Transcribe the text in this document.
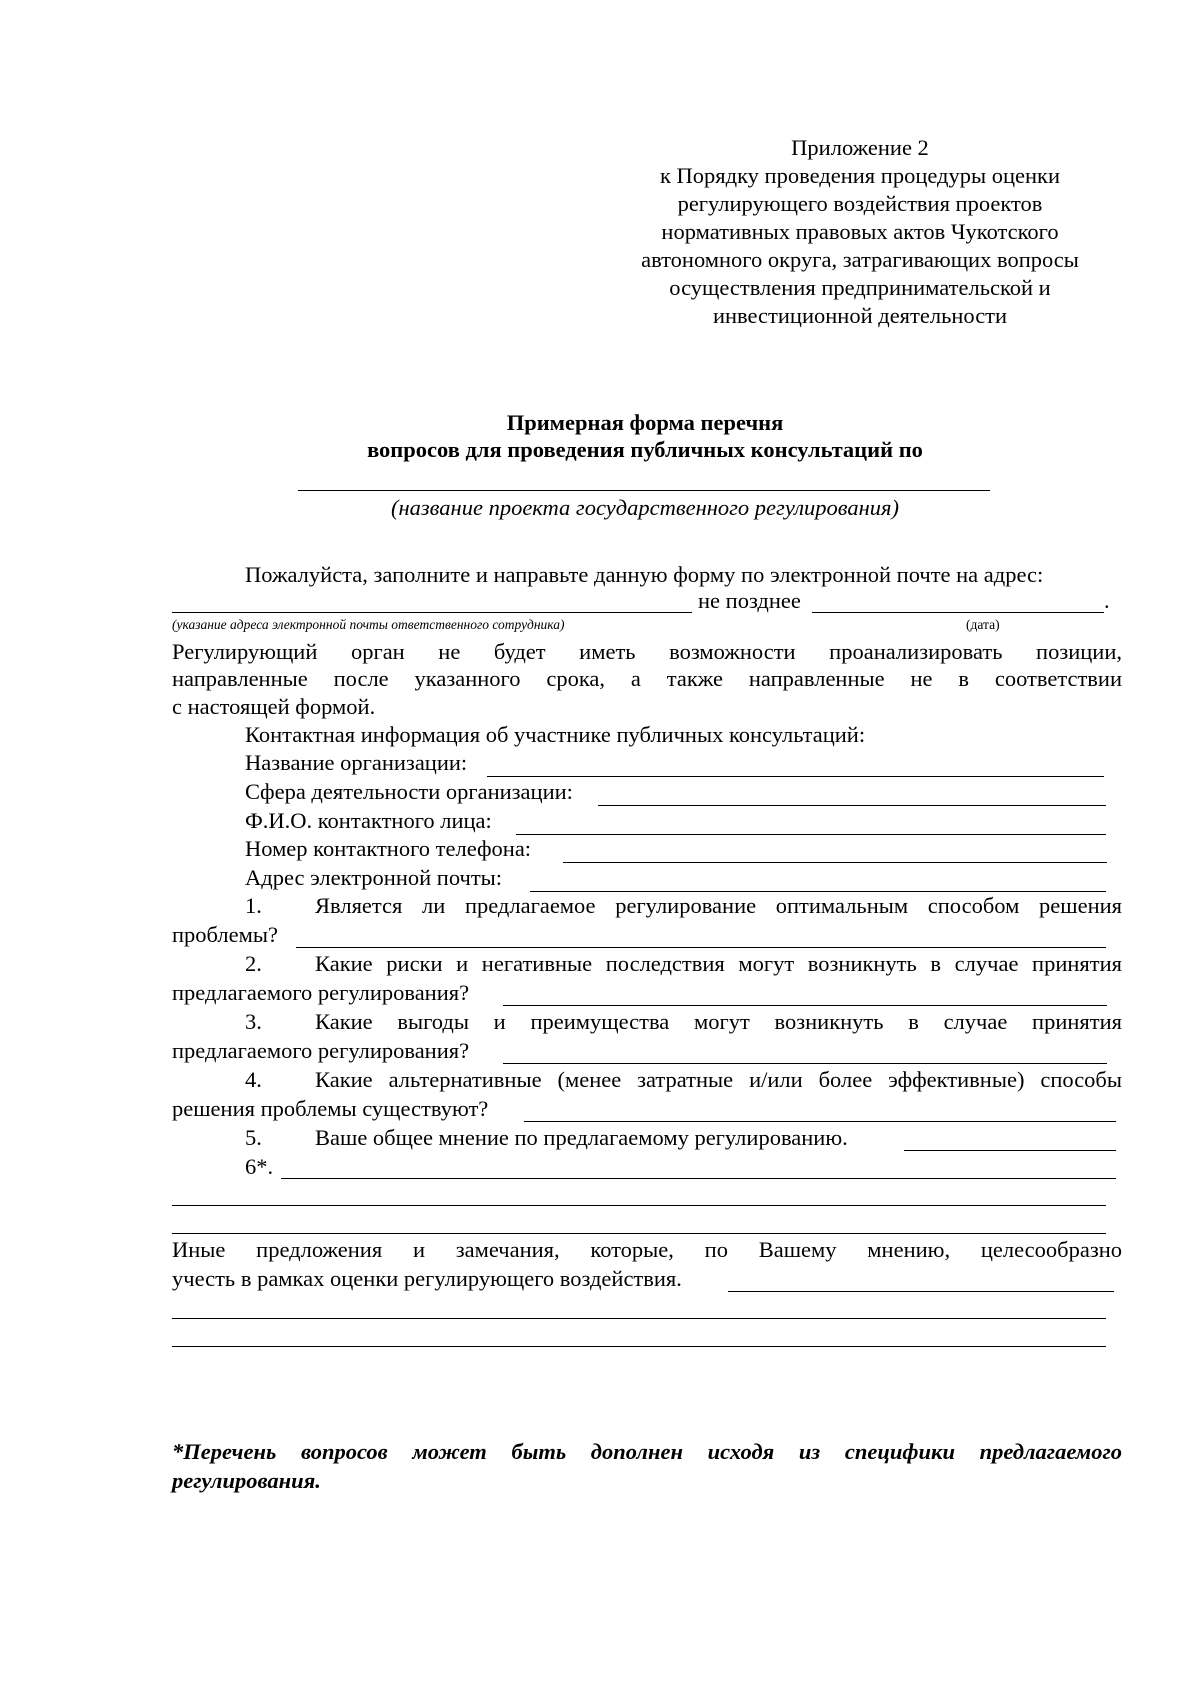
Приложение 2
к Порядку проведения процедуры оценки
регулирующего воздействия проектов
нормативных правовых актов Чукотского
автономного округа, затрагивающих вопросы
осуществления предпринимательской и
инвестиционной деятельности
Примерная форма перечня
вопросов для проведения публичных консультаций по
(название проекта государственного регулирования)
Пожалуйста, заполните и направьте данную форму по электронной почте на адрес:
не позднее	.
(указание адреса электронной почты ответственного сотрудника)	(дата)
Регулирующий орган не будет иметь возможности проанализировать позиции,
направленные после указанного срока, а также направленные не в соответствии
с настоящей формой.
Контактная информация об участнике публичных консультаций:
Название организации:
Сфера деятельности организации:
Ф.И.О. контактного лица:
Номер контактного телефона:
Адрес электронной почты:
1. Является ли предлагаемое регулирование оптимальным способом решения
проблемы?
2. Какие риски и негативные последствия могут возникнуть в случае принятия
предлагаемого регулирования?
3. Какие выгоды и преимущества могут возникнуть в случае принятия
предлагаемого регулирования?
4. Какие альтернативные (менее затратные и/или более эффективные) способы
решения проблемы существуют?
5. Ваше общее мнение по предлагаемому регулированию.
6*.
Иные предложения и замечания, которые, по Вашему мнению, целесообразно
учесть в рамках оценки регулирующего воздействия.
*Перечень вопросов может быть дополнен исходя из специфики предлагаемого
регулирования.
